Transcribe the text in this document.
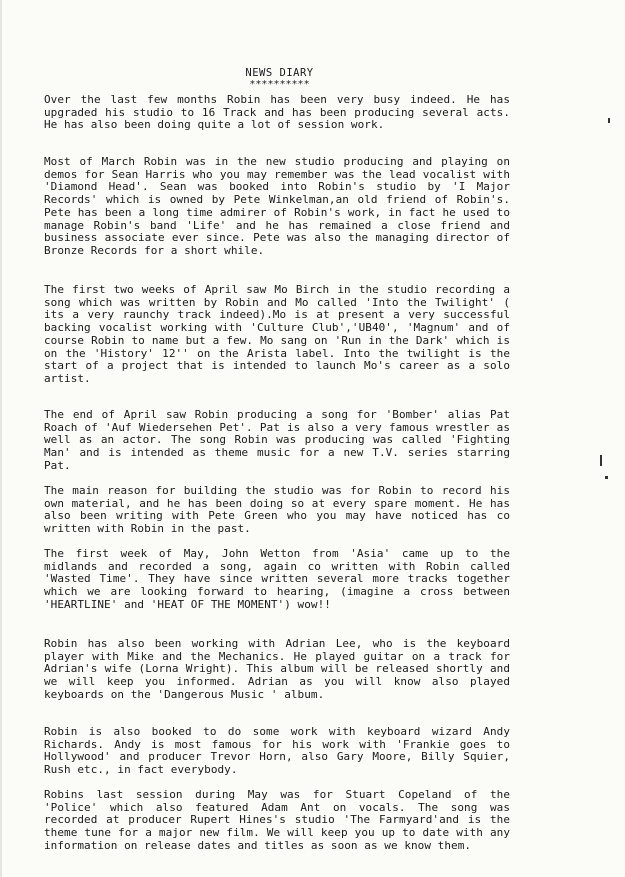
NEWS DIARY
**********
Over the last few months Robin has been very busy indeed. He has upgraded his studio to 16 Track and has been producing several acts. He has also been doing quite a lot of session work.
Most of March Robin was in the new studio producing and playing on demos for Sean Harris who you may remember was the lead vocalist with 'Diamond Head'. Sean was booked into Robin's studio by 'I Major Records' which is owned by Pete Winkelman,an old friend of Robin's. Pete has been a long time admirer of Robin's work, in fact he used to manage Robin's band 'Life' and he has remained a close friend and business associate ever since. Pete was also the managing director of Bronze Records for a short while.
The first two weeks of April saw Mo Birch in the studio recording a song which was written by Robin and Mo called 'Into the Twilight' ( its a very raunchy track indeed).Mo is at present a very successful backing vocalist working with 'Culture Club','UB40', 'Magnum' and of course Robin to name but a few. Mo sang on 'Run in the Dark' which is on the 'History' 12'' on the Arista label. Into the twilight is the start of a project that is intended to launch Mo's career as a solo artist.
The end of April saw Robin producing a song for 'Bomber' alias Pat Roach of 'Auf Wiedersehen Pet'. Pat is also a very famous wrestler as well as an actor. The song Robin was producing was called 'Fighting Man' and is intended as theme music for a new T.V. series starring Pat.
The main reason for building the studio was for Robin to record his own material, and he has been doing so at every spare moment. He has also been writing with Pete Green who you may have noticed has co written with Robin in the past.
The first week of May, John Wetton from 'Asia' came up to the midlands and recorded a song, again co written with Robin called 'Wasted Time'. They have since written several more tracks together which we are looking forward to hearing, (imagine a cross between 'HEARTLINE' and 'HEAT OF THE MOMENT') wow!!
Robin has also been working with Adrian Lee, who is the keyboard player with Mike and the Mechanics. He played guitar on a track for Adrian's wife (Lorna Wright). This album will be released shortly and we will keep you informed. Adrian as you will know also played keyboards on the 'Dangerous Music ' album.
Robin is also booked to do some work with keyboard wizard Andy Richards. Andy is most famous for his work with 'Frankie goes to Hollywood' and producer Trevor Horn, also Gary Moore, Billy Squier, Rush etc., in fact everybody.
Robins last session during May was for Stuart Copeland of the 'Police' which also featured Adam Ant on vocals. The song was recorded at producer Rupert Hines's studio 'The Farmyard'and is the theme tune for a major new film. We will keep you up to date with any information on release dates and titles as soon as we know them.
